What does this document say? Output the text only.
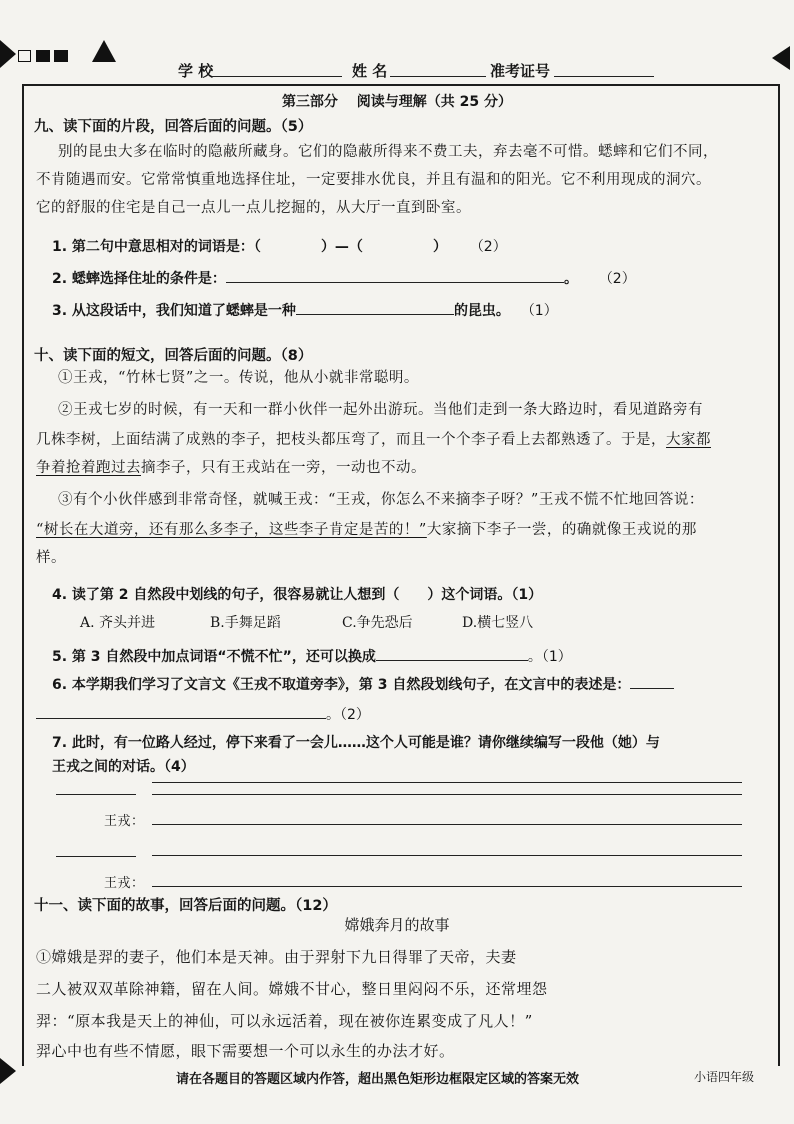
学 校	姓 名	准考证号
第三部分　 阅读与理解（共 25 分）
九、读下面的片段，回答后面的问题。（5）
别的昆虫大多在临时的隐蔽所藏身。它们的隐蔽所得来不费工夫，弃去毫不可惜。蟋蟀和它们不同，
不肯随遇而安。它常常慎重地选择住址，一定要排水优良，并且有温和的阳光。它不利用现成的洞穴。
它的舒服的住宅是自己一点儿一点儿挖掘的，从大厅一直到卧室。
1. 第二句中意思相对的词语是：（	）—（	） （2）
2. 蟋蟀选择住址的条件是：	。 （2）
3. 从这段话中，我们知道了蟋蟀是一种	的昆虫。 （1）
十、读下面的短文，回答后面的问题。（8）
①王戎，“竹林七贤”之一。传说，他从小就非常聪明。
②王戎七岁的时候，有一天和一群小伙伴一起外出游玩。当他们走到一条大路边时，看见道路旁有
几株李树，上面结满了成熟的李子，把枝头都压弯了，而且一个个李子看上去都熟透了。于是，大家都
争着抢着跑过去摘李子，只有王戎站在一旁，一动也不动。
③有个小伙伴感到非常奇怪，就喊王戎：“王戎，你怎么不来摘李子呀？”王戎不慌不忙地回答说：
“树长在大道旁，还有那么多李子，这些李子肯定是苦的！”大家摘下李子一尝，的确就像王戎说的那
样。
4. 读了第 2 自然段中划线的句子，很容易就让人想到（　　）这个词语。（1）
A. 齐头并进	B.手舞足蹈	C.争先恐后	D.横七竖八
5. 第 3 自然段中加点词语“不慌不忙”，还可以换成	。（1）
6. 本学期我们学习了文言文《王戎不取道旁李》，第 3 自然段划线句子，在文言中的表述是：
。（2）
7. 此时，有一位路人经过，停下来看了一会儿……这个人可能是谁？请你继续编写一段他（她）与
王戎之间的对话。（4）
王戎：
王戎：
十一、读下面的故事，回答后面的问题。（12）
嫦娥奔月的故事
①嫦娥是羿的妻子，他们本是天神。由于羿射下九日得罪了天帝，夫妻
二人被双双革除神籍，留在人间。嫦娥不甘心，整日里闷闷不乐，还常埋怨
羿：“原本我是天上的神仙，可以永远活着，现在被你连累变成了凡人！”
羿心中也有些不情愿，眼下需要想一个可以永生的办法才好。
请在各题目的答题区域内作答，超出黑色矩形边框限定区域的答案无效	小语四年级
